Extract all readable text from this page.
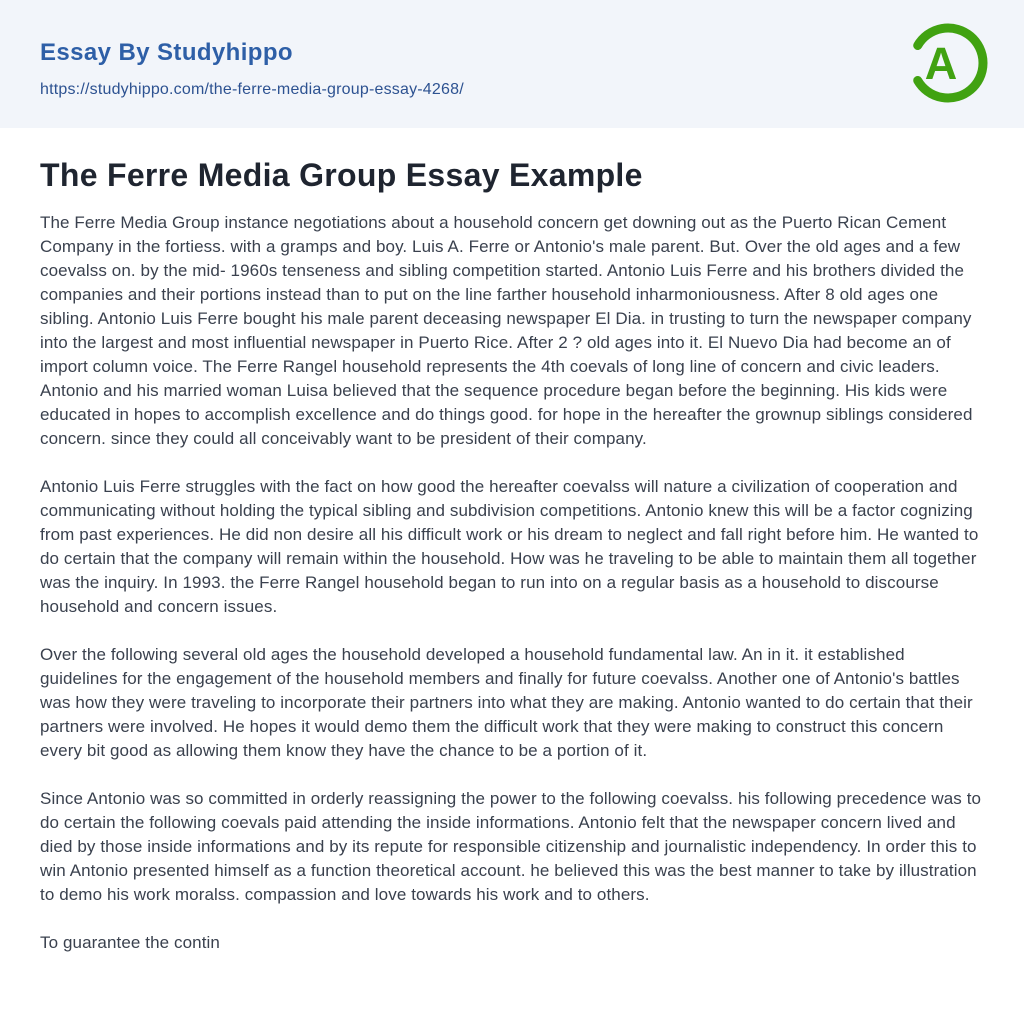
Essay By Studyhippo
https://studyhippo.com/the-ferre-media-group-essay-4268/
A
The Ferre Media Group Essay Example

The Ferre Media Group instance negotiations about a household concern get downing out as the Puerto Rican Cement Company in the fortiess. with a gramps and boy. Luis A. Ferre or Antonio's male parent. But. Over the old ages and a few coevalss on. by the mid- 1960s tenseness and sibling competition started. Antonio Luis Ferre and his brothers divided the companies and their portions instead than to put on the line farther household inharmoniousness. After 8 old ages one sibling. Antonio Luis Ferre bought his male parent deceasing newspaper El Dia. in trusting to turn the newspaper company into the largest and most influential newspaper in Puerto Rice. After 2 ? old ages into it. El Nuevo Dia had become an of import column voice. The Ferre Rangel household represents the 4th coevals of long line of concern and civic leaders. Antonio and his married woman Luisa believed that the sequence procedure began before the beginning. His kids were educated in hopes to accomplish excellence and do things good. for hope in the hereafter the grownup siblings considered concern. since they could all conceivably want to be president of their company.

Antonio Luis Ferre struggles with the fact on how good the hereafter coevalss will nature a civilization of cooperation and communicating without holding the typical sibling and subdivision competitions. Antonio knew this will be a factor cognizing from past experiences. He did non desire all his difficult work or his dream to neglect and fall right before him. He wanted to do certain that the company will remain within the household. How was he traveling to be able to maintain them all together was the inquiry. In 1993. the Ferre Rangel household began to run into on a regular basis as a household to discourse household and concern issues.

Over the following several old ages the household developed a household fundamental law. An in it. it established guidelines for the engagement of the household members and finally for future coevalss. Another one of Antonio's battles was how they were traveling to incorporate their partners into what they are making. Antonio wanted to do certain that their partners were involved. He hopes it would demo them the difficult work that they were making to construct this concern every bit good as allowing them know they have the chance to be a portion of it.

Since Antonio was so committed in orderly reassigning the power to the following coevalss. his following precedence was to do certain the following coevals paid attending the inside informations. Antonio felt that the newspaper concern lived and died by those inside informations and by its repute for responsible citizenship and journalistic independency. In order this to win Antonio presented himself as a function theoretical account. he believed this was the best manner to take by illustration to demo his work moralss. compassion and love towards his work and to others.

To guarantee the contin
